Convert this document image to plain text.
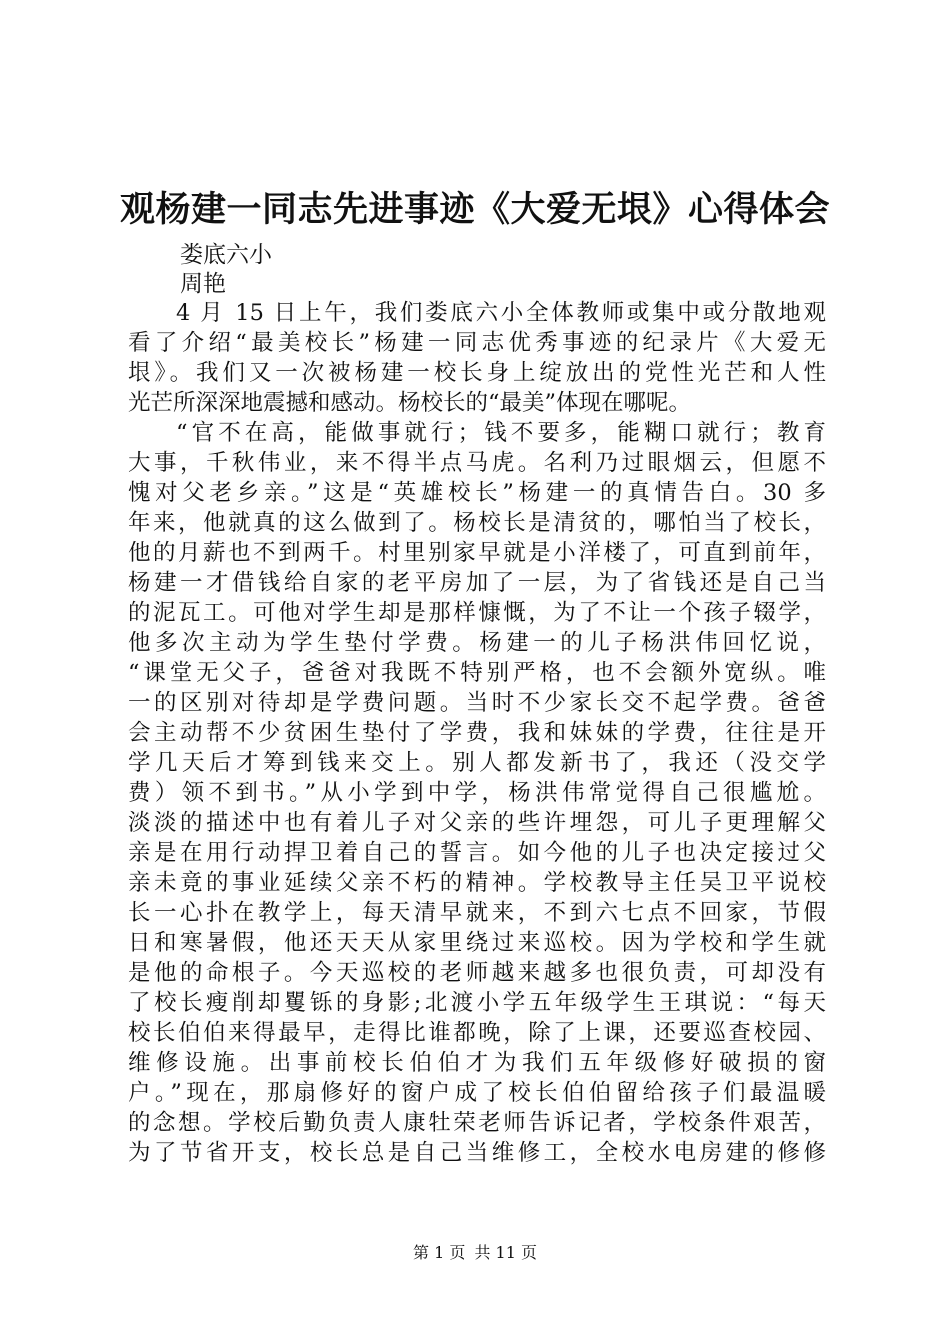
观杨建一同志先进事迹《大爱无垠》心得体会
娄底六小
周艳
4 月 15 日上午，我们娄底六小全体教师或集中或分散地观
看了介绍“最美校长”杨建一同志优秀事迹的纪录片《大爱无
垠》。我们又一次被杨建一校长身上绽放出的党性光芒和人性
光芒所深深地震撼和感动。杨校长的“最美”体现在哪呢。
“官不在高，能做事就行；钱不要多，能糊口就行；教育
大事，千秋伟业，来不得半点马虎。名利乃过眼烟云，但愿不
愧对父老乡亲。”这是“英雄校长”杨建一的真情告白。30 多
年来，他就真的这么做到了。杨校长是清贫的，哪怕当了校长，
他的月薪也不到两千。村里别家早就是小洋楼了，可直到前年，
杨建一才借钱给自家的老平房加了一层，为了省钱还是自己当
的泥瓦工。可他对学生却是那样慷慨，为了不让一个孩子辍学，
他多次主动为学生垫付学费。杨建一的儿子杨洪伟回忆说，
“课堂无父子，爸爸对我既不特别严格，也不会额外宽纵。唯
一的区别对待却是学费问题。当时不少家长交不起学费。爸爸
会主动帮不少贫困生垫付了学费，我和妹妹的学费，往往是开
学几天后才筹到钱来交上。别人都发新书了，我还（没交学
费）领不到书。”从小学到中学，杨洪伟常觉得自己很尴尬。
淡淡的描述中也有着儿子对父亲的些许埋怨，可儿子更理解父
亲是在用行动捍卫着自己的誓言。如今他的儿子也决定接过父
亲未竟的事业延续父亲不朽的精神。学校教导主任吴卫平说校
长一心扑在教学上，每天清早就来，不到六七点不回家，节假
日和寒暑假，他还天天从家里绕过来巡校。因为学校和学生就
是他的命根子。今天巡校的老师越来越多也很负责，可却没有
了校长瘦削却矍铄的身影;北渡小学五年级学生王琪说：“每天
校长伯伯来得最早，走得比谁都晚，除了上课，还要巡查校园、
维修设施。出事前校长伯伯才为我们五年级修好破损的窗
户。”现在，那扇修好的窗户成了校长伯伯留给孩子们最温暖
的念想。学校后勤负责人康牡荣老师告诉记者，学校条件艰苦，
为了节省开支，校长总是自己当维修工，全校水电房建的修修
第 1 页 共 11 页
